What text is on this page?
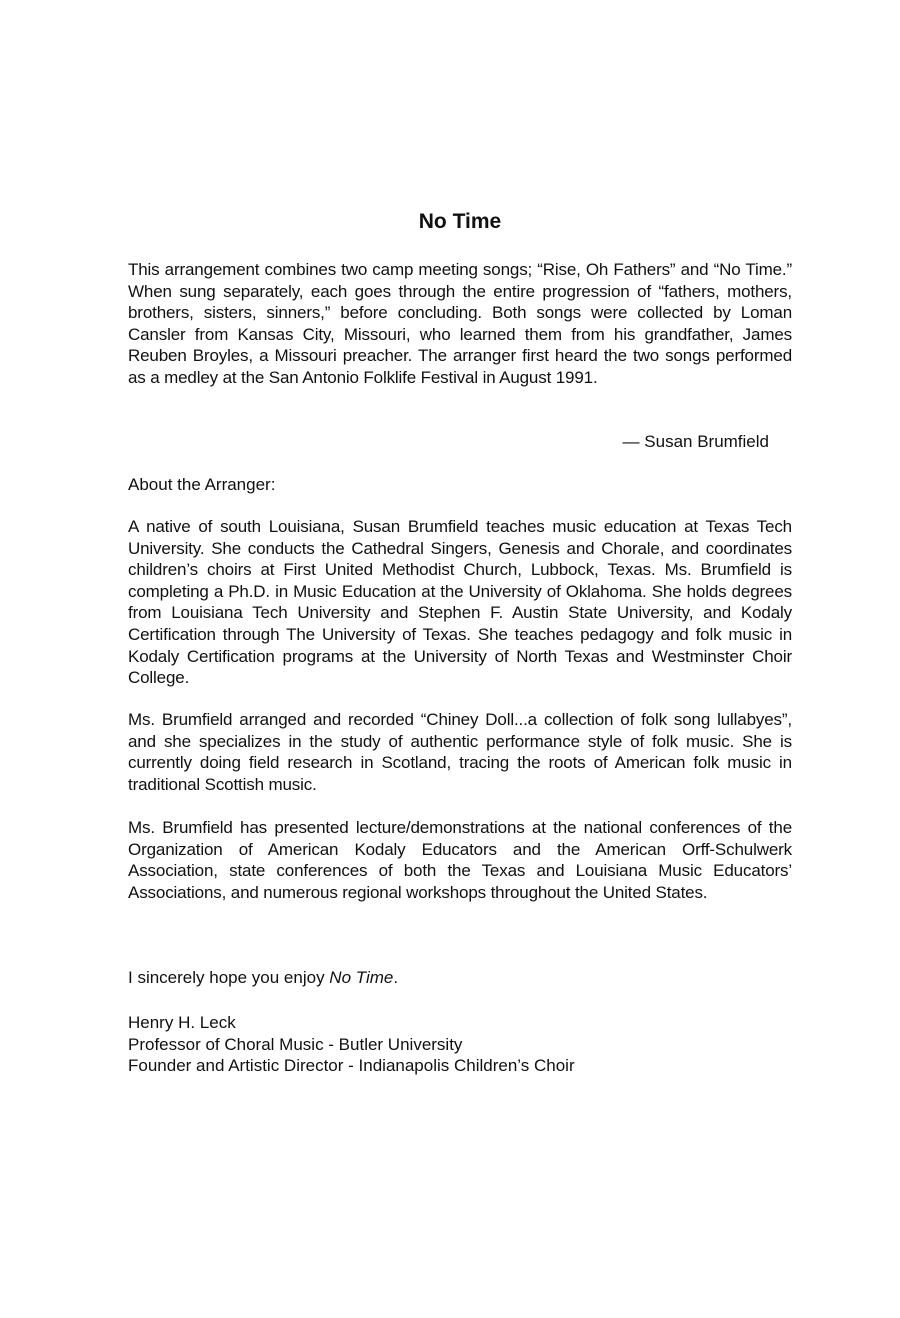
No Time
This arrangement combines two camp meeting songs; “Rise, Oh Fathers” and “No Time.” When sung separately, each goes through the entire progression of “fathers, mothers, brothers, sisters, sinners,” before concluding. Both songs were collected by Loman Cansler from Kansas City, Missouri, who learned them from his grandfather, James Reuben Broyles, a Missouri preacher. The arranger first heard the two songs performed as a medley at the San Antonio Folklife Festival in August 1991.
— Susan Brumfield
About the Arranger:
A native of south Louisiana, Susan Brumfield teaches music education at Texas Tech University. She conducts the Cathedral Singers, Genesis and Chorale, and coordinates children’s choirs at First United Methodist Church, Lubbock, Texas. Ms. Brumfield is completing a Ph.D. in Music Education at the University of Oklahoma. She holds degrees from Louisiana Tech University and Stephen F. Austin State University, and Kodaly Certification through The University of Texas. She teaches pedagogy and folk music in Kodaly Certification programs at the University of North Texas and Westminster Choir College.
Ms. Brumfield arranged and recorded “Chiney Doll...a collection of folk song lullabyes”, and she specializes in the study of authentic performance style of folk music. She is currently doing field research in Scotland, tracing the roots of American folk music in traditional Scottish music.
Ms. Brumfield has presented lecture/demonstrations at the national conferences of the Organization of American Kodaly Educators and the American Orff-Schulwerk Association, state conferences of both the Texas and Louisiana Music Educators’ Associations, and numerous regional workshops throughout the United States.
I sincerely hope you enjoy No Time.
Henry H. Leck
Professor of Choral Music - Butler University
Founder and Artistic Director - Indianapolis Children’s Choir
